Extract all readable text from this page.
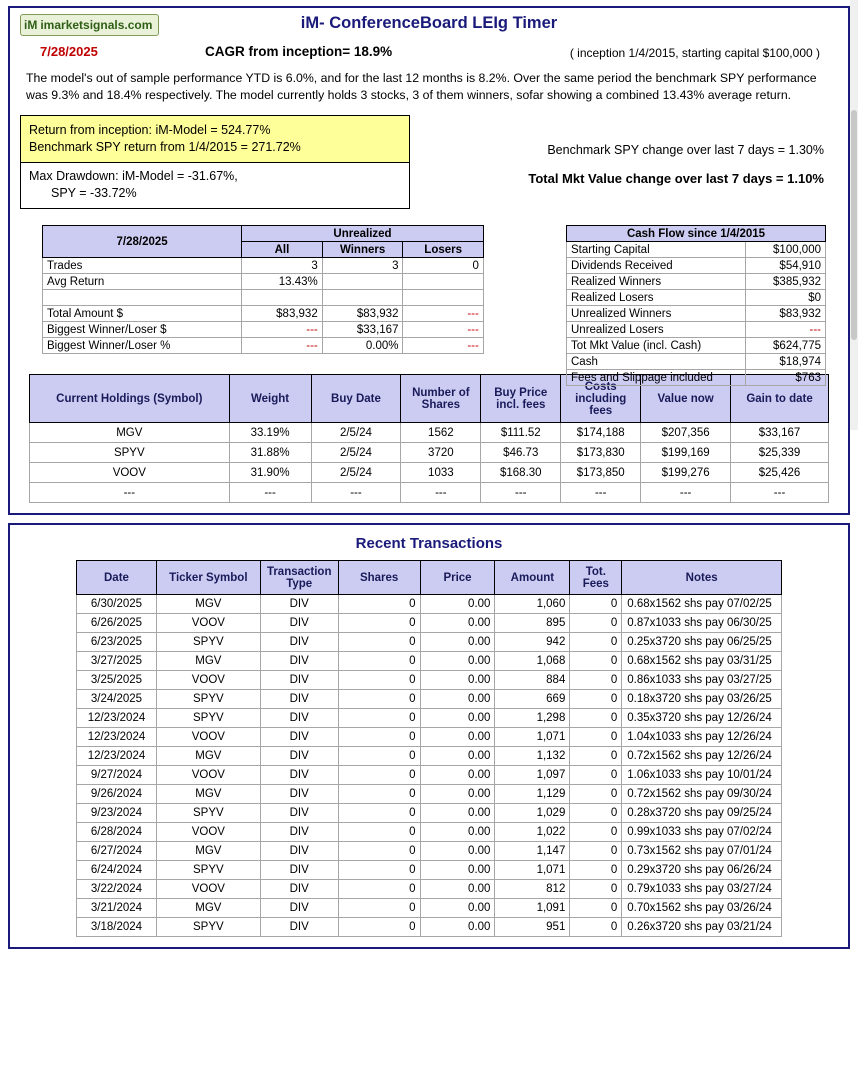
iM imarketsignals.com	iM- ConferenceBoard LEIg Timer
7/28/2025	CAGR from inception= 18.9%	( inception 1/4/2015, starting capital $100,000 )
The model's out of sample performance YTD is 6.0%, and for the last 12 months is 8.2%. Over the same period the benchmark SPY performance was 9.3% and 18.4% respectively. The model currently holds 3 stocks, 3 of them winners, sofar showing a combined 13.43% average return.
Return from inception: iM-Model = 524.77%
Benchmark SPY return from 1/4/2015 = 271.72%
Max Drawdown: iM-Model = -31.67%,
SPY = -33.72%
Benchmark SPY change over last 7 days = 1.30%
Total Mkt Value change over last 7 days = 1.10%
7/28/2025	Unrealized			
	All	Winners	Losers	
Trades	3	3	0	
Avg Return	13.43%			

Total Amount $	$83,932	$83,932	---	
Biggest Winner/Loser $	---	$33,167	---	
Biggest Winner/Loser %	---	0.00%	---	
Cash Flow since 1/4/2015	
Starting Capital	$100,000
Dividends Received	$54,910
Realized Winners	$385,932
Realized Losers	$0
Unrealized Winners	$83,932
Unrealized Losers	---
Tot Mkt Value (incl. Cash)	$624,775
Cash	$18,974
Fees and Slippage included	$763
Current Holdings (Symbol)	Weight	Buy Date	Number of Shares	Buy Price incl. fees	Costs including fees	Value now	Gain to date
MGV	33.19%	2/5/24	1562	$111.52	$174,188	$207,356	$33,167
SPYV	31.88%	2/5/24	3720	$46.73	$173,830	$199,169	$25,339
VOOV	31.90%	2/5/24	1033	$168.30	$173,850	$199,276	$25,426
---	---	---	---	---	---	---	---
Recent Transactions
Date	Ticker Symbol	Transaction Type	Shares	Price	Amount	Tot. Fees	Notes
6/30/2025	MGV	DIV	0	0.00	1,060	0	0.68x1562 shs pay 07/02/25
6/26/2025	VOOV	DIV	0	0.00	895	0	0.87x1033 shs pay 06/30/25
6/23/2025	SPYV	DIV	0	0.00	942	0	0.25x3720 shs pay 06/25/25
3/27/2025	MGV	DIV	0	0.00	1,068	0	0.68x1562 shs pay 03/31/25
3/25/2025	VOOV	DIV	0	0.00	884	0	0.86x1033 shs pay 03/27/25
3/24/2025	SPYV	DIV	0	0.00	669	0	0.18x3720 shs pay 03/26/25
12/23/2024	SPYV	DIV	0	0.00	1,298	0	0.35x3720 shs pay 12/26/24
12/23/2024	VOOV	DIV	0	0.00	1,071	0	1.04x1033 shs pay 12/26/24
12/23/2024	MGV	DIV	0	0.00	1,132	0	0.72x1562 shs pay 12/26/24
9/27/2024	VOOV	DIV	0	0.00	1,097	0	1.06x1033 shs pay 10/01/24
9/26/2024	MGV	DIV	0	0.00	1,129	0	0.72x1562 shs pay 09/30/24
9/23/2024	SPYV	DIV	0	0.00	1,029	0	0.28x3720 shs pay 09/25/24
6/28/2024	VOOV	DIV	0	0.00	1,022	0	0.99x1033 shs pay 07/02/24
6/27/2024	MGV	DIV	0	0.00	1,147	0	0.73x1562 shs pay 07/01/24
6/24/2024	SPYV	DIV	0	0.00	1,071	0	0.29x3720 shs pay 06/26/24
3/22/2024	VOOV	DIV	0	0.00	812	0	0.79x1033 shs pay 03/27/24
3/21/2024	MGV	DIV	0	0.00	1,091	0	0.70x1562 shs pay 03/26/24
3/18/2024	SPYV	DIV	0	0.00	951	0	0.26x3720 shs pay 03/21/24
